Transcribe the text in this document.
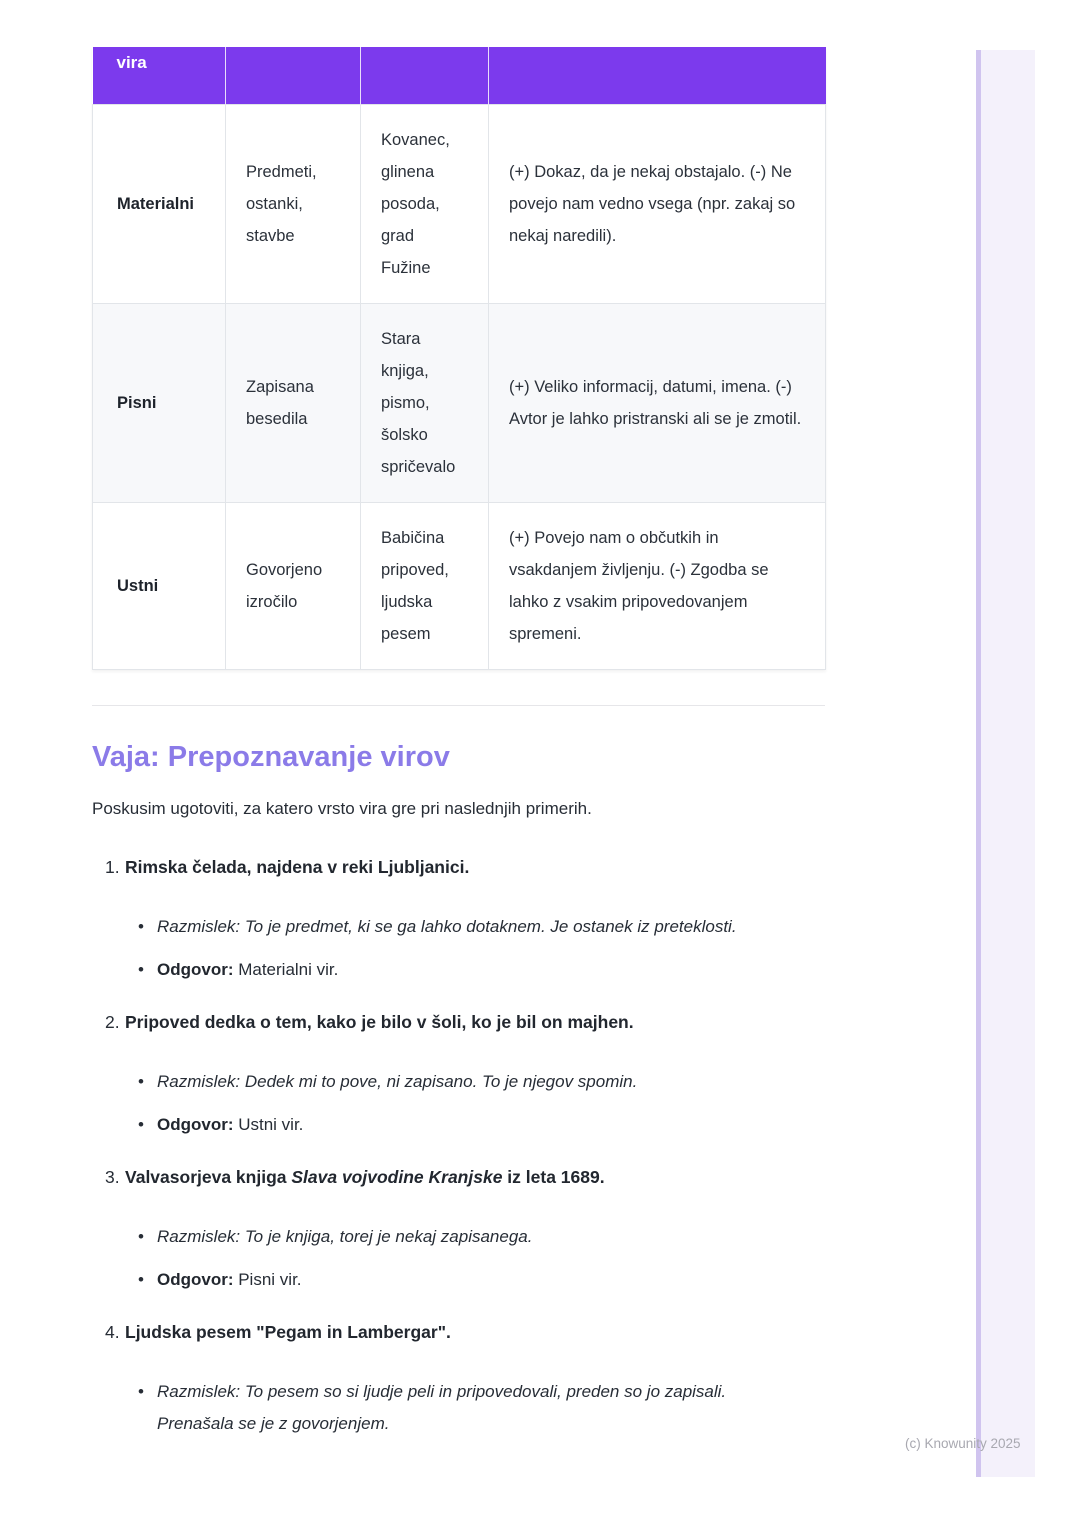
(c) Knowunity 2025
vira			
Materialni	Predmeti, ostanki, stavbe	Kovanec, glinena posoda, grad Fužine	(+) Dokaz, da je nekaj obstajalo. (-) Ne povejo nam vedno vsega (npr. zakaj so nekaj naredili).
Pisni	Zapisana besedila	Stara knjiga, pismo, šolsko spričevalo	(+) Veliko informacij, datumi, imena. (-) Avtor je lahko pristranski ali se je zmotil.
Ustni	Govorjeno izročilo	Babičina pripoved, ljudska pesem	(+) Povejo nam o občutkih in vsakdanjem življenju. (-) Zgodba se lahko z vsakim pripovedovanjem spremeni.
Vaja: Prepoznavanje virov

Poskusim ugotoviti, za katero vrsto vira gre pri naslednjih primerih.

1. Rimska čelada, najdena v reki Ljubljanici.
• Razmislek: To je predmet, ki se ga lahko dotaknem. Je ostanek iz preteklosti.
• Odgovor: Materialni vir.
2. Pripoved dedka o tem, kako je bilo v šoli, ko je bil on majhen.
• Razmislek: Dedek mi to pove, ni zapisano. To je njegov spomin.
• Odgovor: Ustni vir.
3. Valvasorjeva knjiga Slava vojvodine Kranjske iz leta 1689.
• Razmislek: To je knjiga, torej je nekaj zapisanega.
• Odgovor: Pisni vir.
4. Ljudska pesem "Pegam in Lambergar".
• Razmislek: To pesem so si ljudje peli in pripovedovali, preden so jo zapisali. Prenašala se je z govorjenjem.
